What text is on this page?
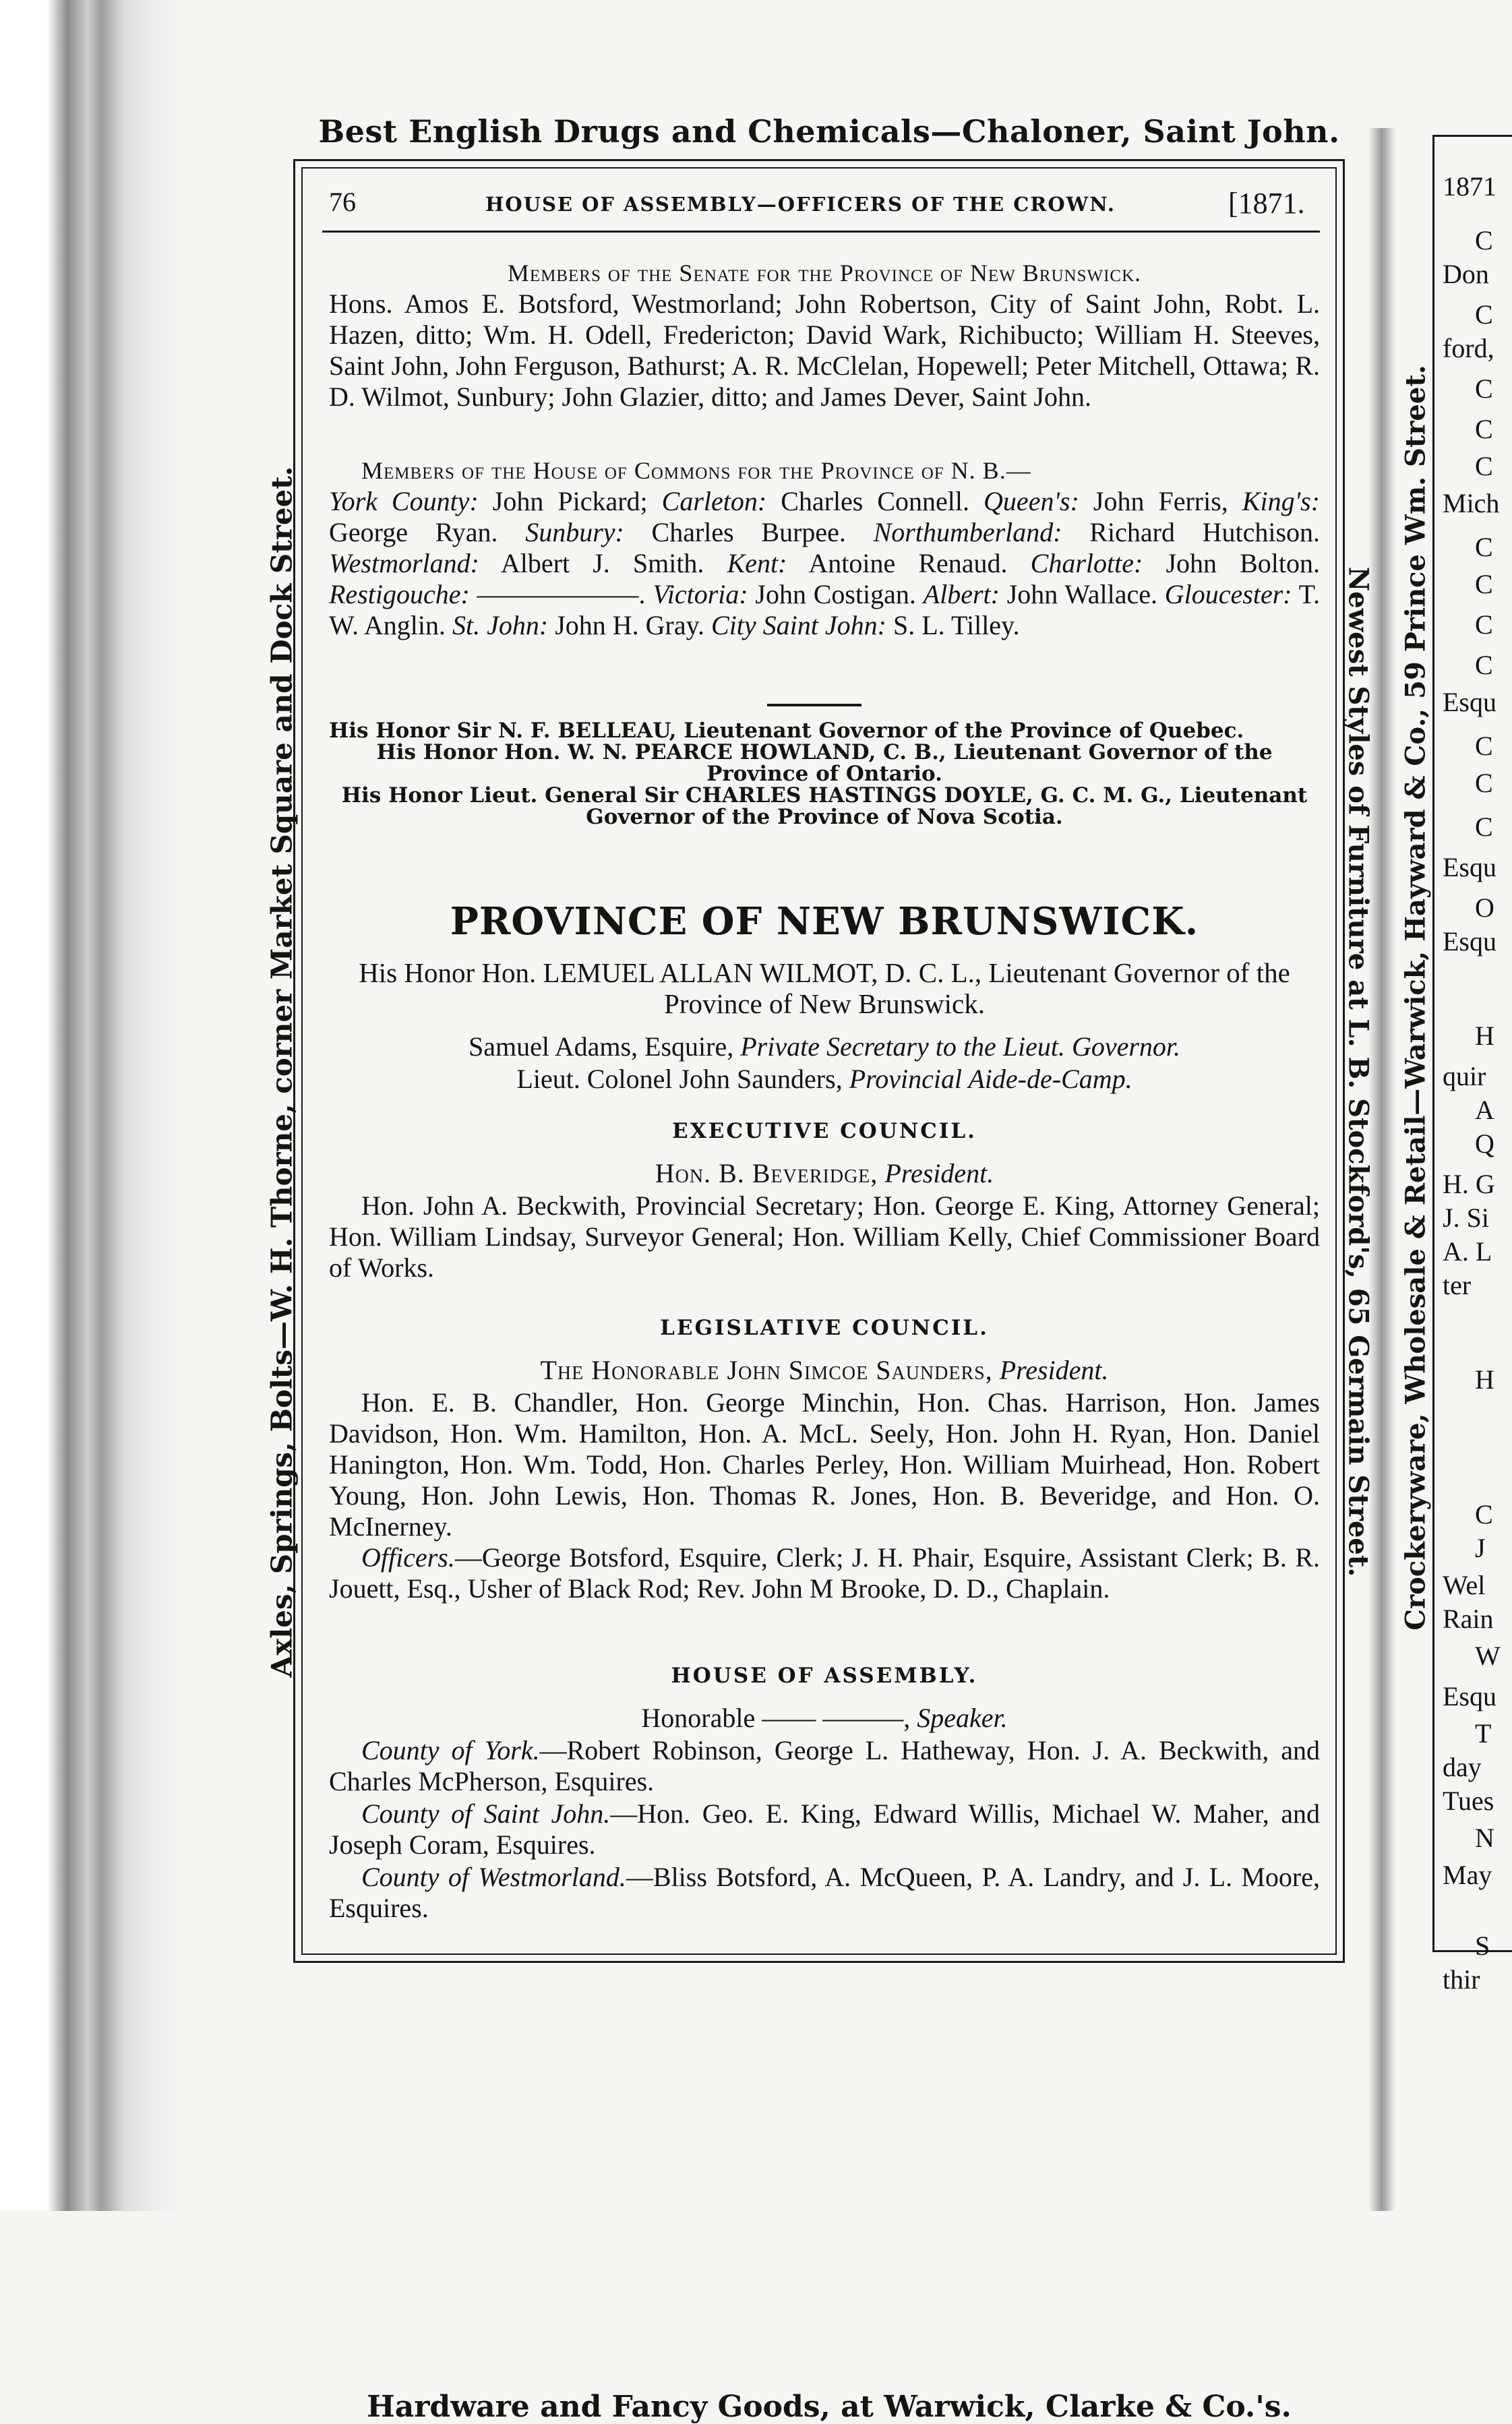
Best English Drugs and Chemicals—Chaloner, Saint John.
Axles, Springs, Bolts—W. H. Thorne, corner Market Square and Dock Street.	Newest Styles of Furniture at L. B. Stockford's, 65 Germain Street.
76	HOUSE OF ASSEMBLY—OFFICERS OF THE CROWN.	[1871.
Members of the Senate for the Province of New Brunswick.
Hons. Amos E. Botsford, Westmorland; John Robertson, City of Saint John, Robt. L. Hazen, ditto; Wm. H. Odell, Fredericton; David Wark, Richibucto; William H. Steeves, Saint John, John Ferguson, Bathurst; A. R. McClelan, Hopewell; Peter Mitchell, Ottawa; R. D. Wilmot, Sunbury; John Glazier, ditto; and James Dever, Saint John.
Members of the House of Commons for the Province of N. B.—
York County: John Pickard; Carleton: Charles Connell. Queen's: John Ferris, King's: George Ryan. Sunbury: Charles Burpee. Northumberland: Richard Hutchison. Westmorland: Albert J. Smith. Kent: Antoine Renaud. Charlotte: John Bolton. Restigouche: ——————. Victoria: John Costigan. Albert: John Wallace. Gloucester: T. W. Anglin. St. John: John H. Gray. City Saint John: S. L. Tilley.
His Honor Sir N. F. BELLEAU, Lieutenant Governor of the Province of Quebec.
His Honor Hon. W. N. PEARCE HOWLAND, C. B., Lieutenant Governor of the Province of Ontario.
His Honor Lieut. General Sir CHARLES HASTINGS DOYLE, G. C. M. G., Lieutenant Governor of the Province of Nova Scotia.
PROVINCE OF NEW BRUNSWICK.
His Honor Hon. LEMUEL ALLAN WILMOT, D. C. L., Lieutenant Governor of the Province of New Brunswick.
Samuel Adams, Esquire, Private Secretary to the Lieut. Governor.
Lieut. Colonel John Saunders, Provincial Aide-de-Camp.
EXECUTIVE COUNCIL.
Hon. B. Beveridge, President.
Hon. John A. Beckwith, Provincial Secretary; Hon. George E. King, Attorney General; Hon. William Lindsay, Surveyor General; Hon. William Kelly, Chief Commissioner Board of Works.
LEGISLATIVE COUNCIL.
The Honorable John Simcoe Saunders, President.
Hon. E. B. Chandler, Hon. George Minchin, Hon. Chas. Harrison, Hon. James Davidson, Hon. Wm. Hamilton, Hon. A. McL. Seely, Hon. John H. Ryan, Hon. Daniel Hanington, Hon. Wm. Todd, Hon. Charles Perley, Hon. William Muirhead, Hon. Robert Young, Hon. John Lewis, Hon. Thomas R. Jones, Hon. B. Beveridge, and Hon. O. McInerney.
Officers.—George Botsford, Esquire, Clerk; J. H. Phair, Esquire, Assistant Clerk; B. R. Jouett, Esq., Usher of Black Rod; Rev. John M Brooke, D. D., Chaplain.
HOUSE OF ASSEMBLY.
Honorable —— ———, Speaker.
County of York.—Robert Robinson, George L. Hatheway, Hon. J. A. Beckwith, and Charles McPherson, Esquires.
County of Saint John.—Hon. Geo. E. King, Edward Willis, Michael W. Maher, and Joseph Coram, Esquires.
County of Westmorland.—Bliss Botsford, A. McQueen, P. A. Landry, and J. L. Moore, Esquires.
Hardware and Fancy Goods, at Warwick, Clarke & Co.'s.
1871
C
Don
C
ford,
C
C
C
Mich
C
C
C
C
Esqu
C
C
C
Esqu
O
Esqu
H
quir
A
Q
H. G
J. Si
A. L
ter
H
C
J
Wel
Rain
W
Esqu
T
day
Tues
N
May
S
thir
Crockeryware, Wholesale & Retail—Warwick, Hayward & Co., 59 Prince Wm. Street.
